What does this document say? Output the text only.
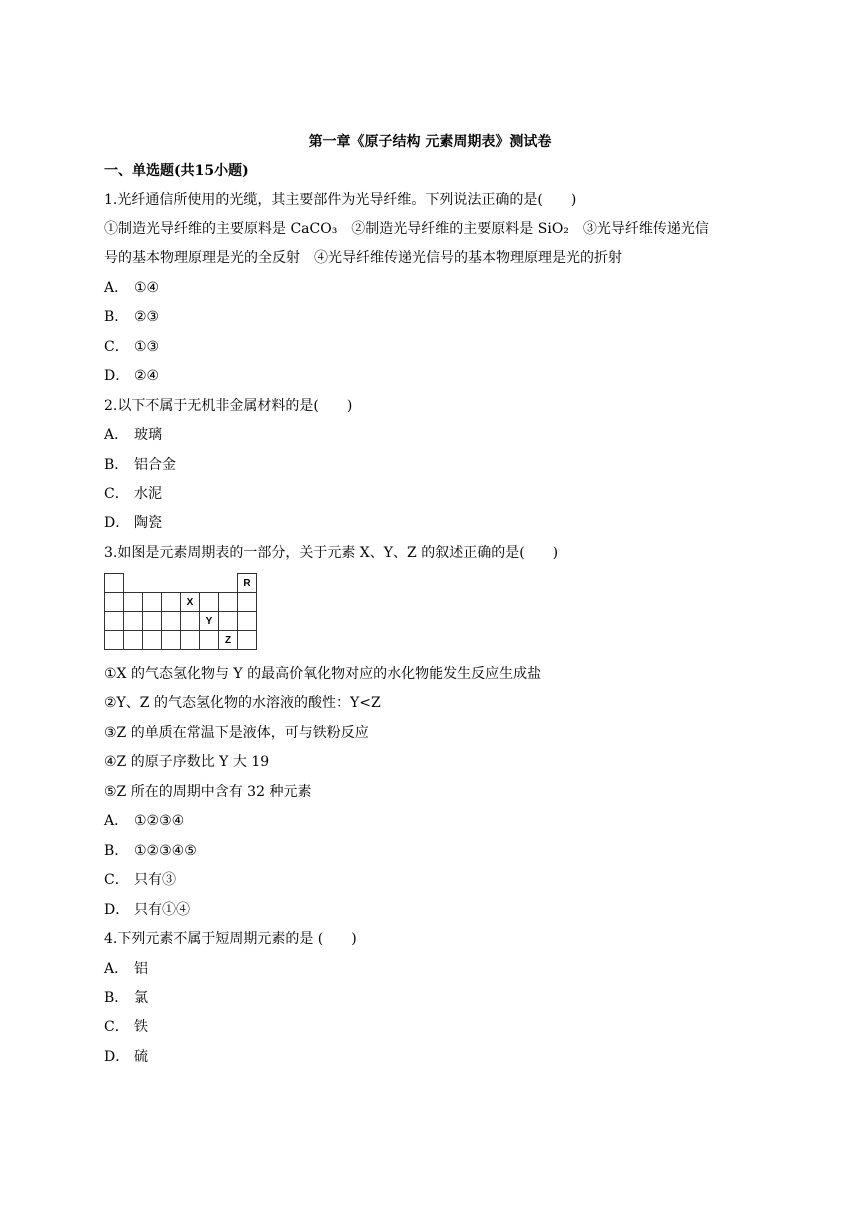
第一章《原子结构 元素周期表》测试卷
一、单选题(共15小题)
1.光纤通信所使用的光缆，其主要部件为光导纤维。下列说法正确的是(　　)
①制造光导纤维的主要原料是 CaCO₃　②制造光导纤维的主要原料是 SiO₂　③光导纤维传递光信
号的基本物理原理是光的全反射　④光导纤维传递光信号的基本物理原理是光的折射
A． ①④
B． ②③
C． ①③
D． ②④
2.以下不属于无机非金属材料的是(　　)
A． 玻璃
B． 铝合金
C． 水泥
D． 陶瓷
3.如图是元素周期表的一部分，关于元素 X、Y、Z 的叙述正确的是(　　)
							R
				X			
					Y		
						Z	
①X 的气态氢化物与 Y 的最高价氧化物对应的水化物能发生反应生成盐
②Y、Z 的气态氢化物的水溶液的酸性：Y<Z
③Z 的单质在常温下是液体，可与铁粉反应
④Z 的原子序数比 Y 大 19
⑤Z 所在的周期中含有 32 种元素
A． ①②③④
B． ①②③④⑤
C． 只有③
D． 只有①④
4.下列元素不属于短周期元素的是 (　　)
A． 铝
B． 氯
C． 铁
D． 硫
